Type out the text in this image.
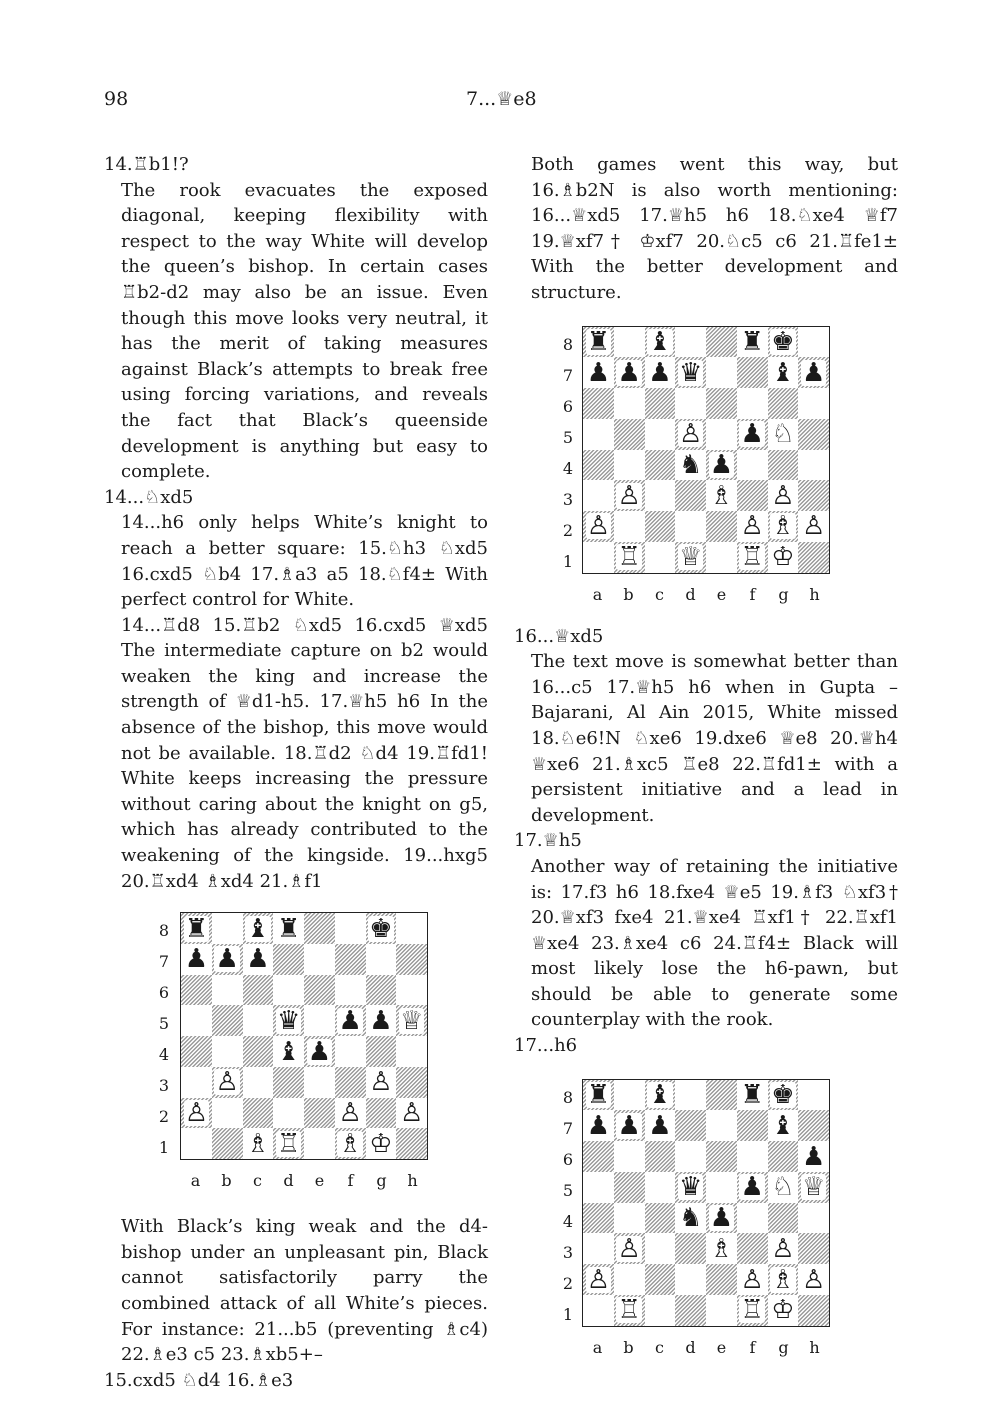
98	7...♕e8

14.♖b1!?

The rook evacuates the exposed diagonal, keeping flexibility with respect to the way White will develop the queen’s bishop. In certain cases ♖b2-d2 may also be an issue. Even though this move looks very neutral, it has the merit of taking measures against Black’s attempts to break free using forcing variations, and reveals the fact that Black’s queenside development is anything but easy to complete.

14...♘xd5

14...h6 only helps White’s knight to reach a better square: 15.♘h3 ♘xd5 16.cxd5 ♘b4 17.♗a3 a5 18.♘f4± With perfect control for White.

14...♖d8 15.♖b2 ♘xd5 16.cxd5 ♕xd5 The intermediate capture on b2 would weaken the king and increase the strength of ♕d1-h5. 17.♕h5 h6 In the absence of the bishop, this move would not be available. 18.♖d2 ♘d4 19.♖fd1! White keeps increasing the pressure without caring about the knight on g5, which has already contributed to the weakening of the kingside. 19...hxg5 20.♖xd4 ♗xd4 21.♗f1

8
7
6
5
4
3
2
1
♜ ♝ ♜	♚
♟ ♟ ♟
♛ ♟ ♟ ♕
♝ ♟
♙	♙
♙	♙ ♙
♗ ♖ ♗ ♔
a	b	c	d	e	f	g	h

With Black’s king weak and the d4-bishop under an unpleasant pin, Black cannot satisfactorily parry the combined attack of all White’s pieces. For instance: 21...b5 (preventing ♗c4) 22.♗e3 c5 23.♗xb5+–

15.cxd5 ♘d4 16.♗e3

Both games went this way, but 16.♗b2N is also worth mentioning: 16...♕xd5 17.♕h5 h6 18.♘xe4 ♕f7 19.♕xf7† ♔xf7 20.♘c5 c6 21.♖fe1± With the better development and structure.

8
7
6
5
4
3
2
1
♜ ♝	♜ ♚
♟ ♟ ♟ ♛	♝ ♟
♙ ♟ ♘
♞ ♟
♙	♗ ♙
♙	♙ ♗ ♙
♖ ♕ ♖ ♔
a	b	c	d	e	f	g	h

16...♕xd5

The text move is somewhat better than 16...c5 17.♕h5 h6 when in Gupta – Bajarani, Al Ain 2015, White missed 18.♘e6!N ♘xe6 19.dxe6 ♕e8 20.♕h4 ♕xe6 21.♗xc5 ♖e8 22.♖fd1± with a persistent initiative and a lead in development.

17.♕h5

Another way of retaining the initiative is: 17.f3 h6 18.fxe4 ♕e5 19.♗f3 ♘xf3† 20.♕xf3 fxe4 21.♕xe4 ♖xf1† 22.♖xf1 ♕xe4 23.♗xe4 c6 24.♖f4± Black will most likely lose the h6-pawn, but should be able to generate some counterplay with the rook.

17...h6

8
7
6
5
4
3
2
1
♜ ♝	♜ ♚
♟ ♟ ♟	♝
♟
♛ ♟ ♘ ♕
♞ ♟
♙	♗ ♙
♙	♙ ♗ ♙
♖	♖ ♔
a	b	c	d	e	f	g	h
